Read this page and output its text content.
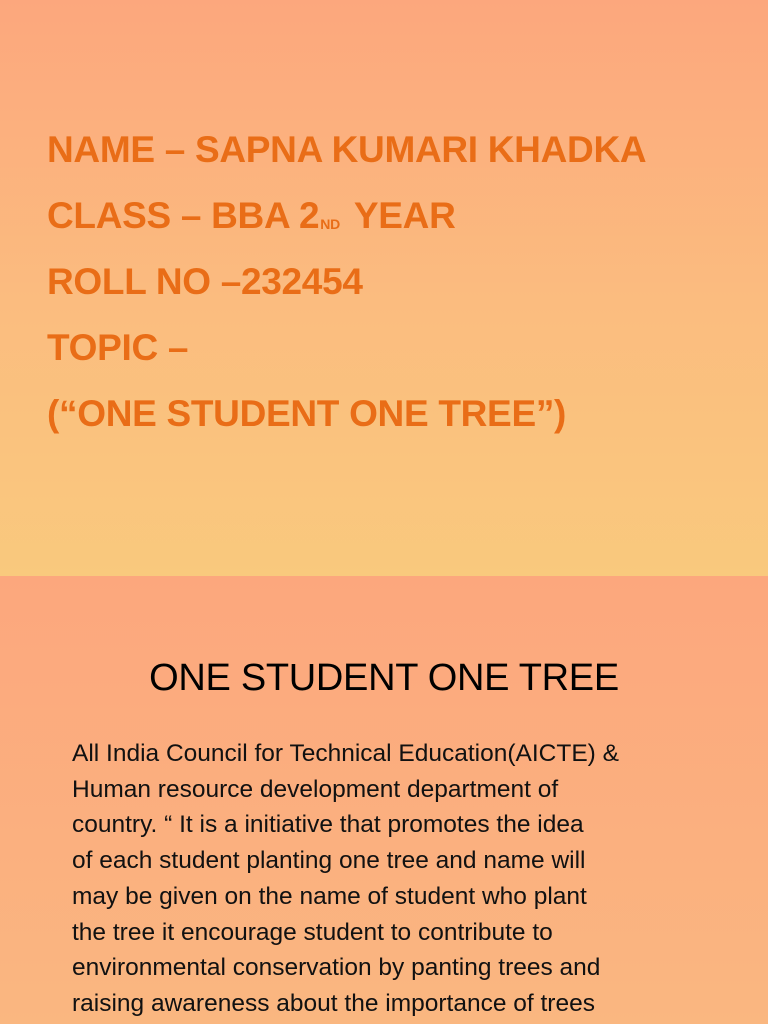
NAME – SAPNA KUMARI KHADKA
CLASS – BBA 2ND YEAR
ROLL NO –232454
TOPIC –
(“ONE STUDENT ONE TREE”)
ONE STUDENT ONE TREE
All India Council for Technical Education(AICTE) &
Human resource development department of
country. “ It is a initiative that promotes the idea
of each student planting one tree and name will
may be given on the name of student who plant
the tree it encourage student to contribute to
environmental conservation by panting trees and
raising awareness about the importance of trees
